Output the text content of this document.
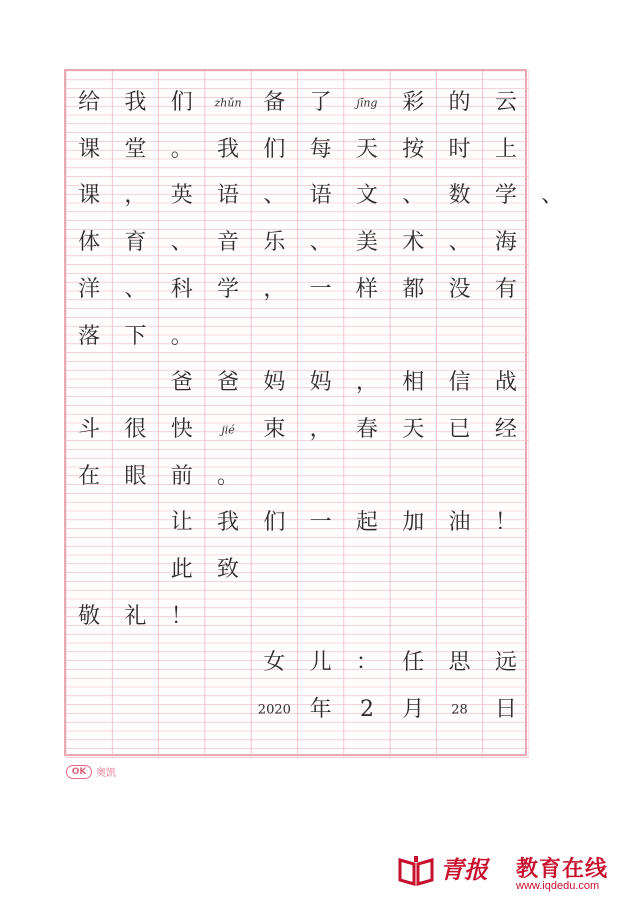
给 我 们 zhǔn 备 了 jīng 彩 的 云
课 堂 。 我 们 每 天 按 时 上
课 ， 英 语 、 语 文 、 数 学 、
体 育 、 音 乐 、 美 术 、 海
洋 、 科 学 ， 一 样 都 没 有
落 下 。
爸 爸 妈 妈 ， 相 信 战
斗 很 快	jié 束 ， 春 天 已 经
在 眼 前 。
让 我 们 一 起 加 油 ！
此 致
敬 礼 ！
女 儿 ： 任 思 远
2020 年 2 月 28 日
OK 奥凯
青报 教育在线
www.iqdedu.com
